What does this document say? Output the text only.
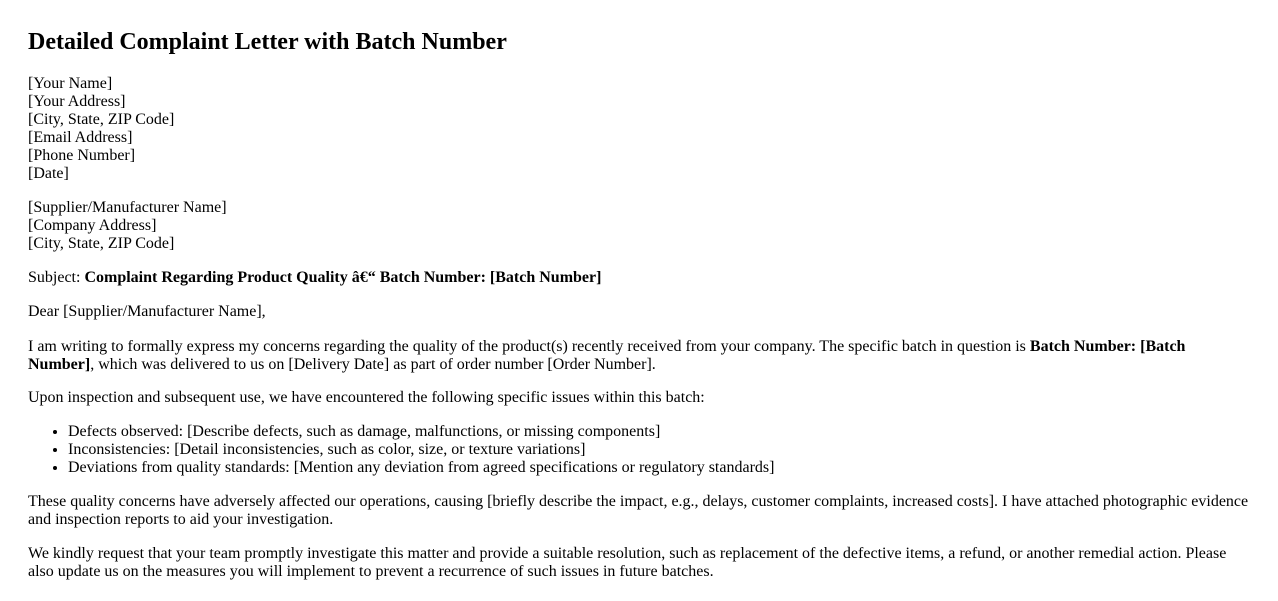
Detailed Complaint Letter with Batch Number
[Your Name]
[Your Address]
[City, State, ZIP Code]
[Email Address]
[Phone Number]
[Date]
[Supplier/Manufacturer Name]
[Company Address]
[City, State, ZIP Code]

Subject: Complaint Regarding Product Quality â€“ Batch Number: [Batch Number]

Dear [Supplier/Manufacturer Name],

I am writing to formally express my concerns regarding the quality of the product(s) recently received from your company. The specific batch in question is Batch Number: [Batch Number], which was delivered to us on [Delivery Date] as part of order number [Order Number].

Upon inspection and subsequent use, we have encountered the following specific issues within this batch:

• Defects observed: [Describe defects, such as damage, malfunctions, or missing components]
• Inconsistencies: [Detail inconsistencies, such as color, size, or texture variations]
• Deviations from quality standards: [Mention any deviation from agreed specifications or regulatory standards]

These quality concerns have adversely affected our operations, causing [briefly describe the impact, e.g., delays, customer complaints, increased costs]. I have attached photographic evidence and inspection reports to aid your investigation.

We kindly request that your team promptly investigate this matter and provide a suitable resolution, such as replacement of the defective items, a refund, or another remedial action. Please also update us on the measures you will implement to prevent a recurrence of such issues in future batches.
